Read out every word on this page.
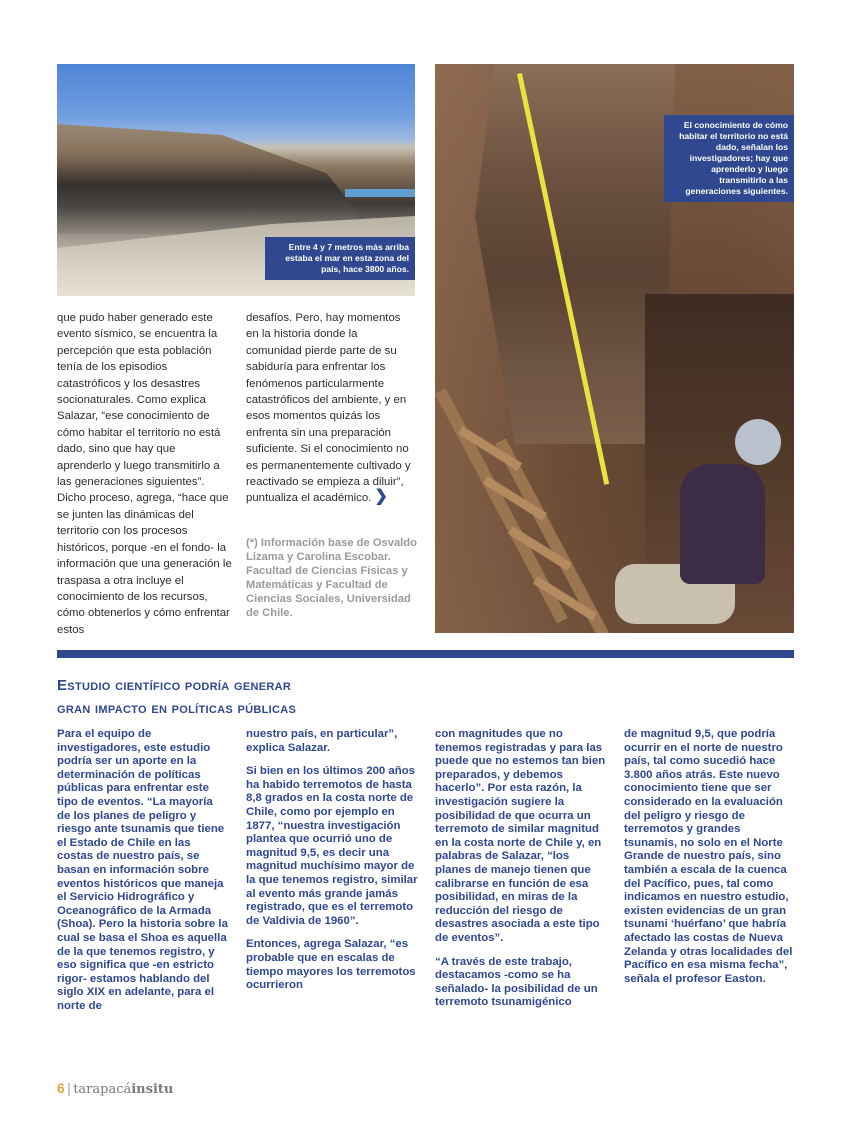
Entre 4 y 7 metros más arriba estaba el mar en esta zona del país, hace 3800 años.
El conocimiento de cómo habitar el territorio no está dado, señalan los investigadores; hay que aprenderlo y luego transmitirlo a las generaciones siguientes.

que pudo haber generado este evento sísmico, se encuentra la percepción que esta población tenía de los episodios catastróficos y los desastres socionaturales. Como explica Salazar, “ese conocimiento de cómo habitar el territorio no está dado, sino que hay que aprenderlo y luego transmitirlo a las generaciones siguientes”. Dicho proceso, agrega, “hace que se junten las dinámicas del territorio con los procesos históricos, porque -en el fondo- la información que una generación le traspasa a otra incluye el conocimiento de los recursos, cómo obtenerlos y cómo enfrentar estos

desafíos. Pero, hay momentos en la historia donde la comunidad pierde parte de su sabiduría para enfrentar los fenómenos particularmente catastróficos del ambiente, y en esos momentos quizás los enfrenta sin una preparación suficiente. Si el conocimiento no es permanentemente cultivado y reactivado se empieza a diluir”, puntualiza el académico. ❯

(*) Información base de Osvaldo Lizama y Carolina Escobar. Facultad de Ciencias Físicas y Matemáticas y Facultad de Ciencias Sociales, Universidad de Chile.
Estudio científico podría generar
gran impacto en políticas públicas

Para el equipo de investigadores, este estudio podría ser un aporte en la determinación de políticas públicas para enfrentar este tipo de eventos. “La mayoría de los planes de peligro y riesgo ante tsunamis que tiene el Estado de Chile en las costas de nuestro país, se basan en información sobre eventos históricos que maneja el Servicio Hidrográfico y Oceanográfico de la Armada (Shoa). Pero la historia sobre la cual se basa el Shoa es aquella de la que tenemos registro, y eso significa que -en estricto rigor- estamos hablando del siglo XIX en adelante, para el norte de

nuestro país, en particular”, explica Salazar.

Si bien en los últimos 200 años ha habido terremotos de hasta 8,8 grados en la costa norte de Chile, como por ejemplo en 1877, “nuestra investigación plantea que ocurrió uno de magnitud 9,5, es decir una magnitud muchísimo mayor de la que tenemos registro, similar al evento más grande jamás registrado, que es el terremoto de Valdivia de 1960”.

Entonces, agrega Salazar, “es probable que en escalas de tiempo mayores los terremotos ocurrieron

con magnitudes que no tenemos registradas y para las puede que no estemos tan bien preparados, y debemos hacerlo”. Por esta razón, la investigación sugiere la posibilidad de que ocurra un terremoto de similar magnitud en la costa norte de Chile y, en palabras de Salazar, “los planes de manejo tienen que calibrarse en función de esa posibilidad, en miras de la reducción del riesgo de desastres asociada a este tipo de eventos”.

“A través de este trabajo, destacamos -como se ha señalado- la posibilidad de un terremoto tsunamigénico

de magnitud 9,5, que podría ocurrir en el norte de nuestro país, tal como sucedió hace 3.800 años atrás. Este nuevo conocimiento tiene que ser considerado en la evaluación del peligro y riesgo de terremotos y grandes tsunamis, no solo en el Norte Grande de nuestro país, sino también a escala de la cuenca del Pacífico, pues, tal como indicamos en nuestro estudio, existen evidencias de un gran tsunami ‘huérfano’ que habría afectado las costas de Nueva Zelanda y otras localidades del Pacífico en esa misma fecha”, señala el profesor Easton.

6 | tarapacáinsitu
